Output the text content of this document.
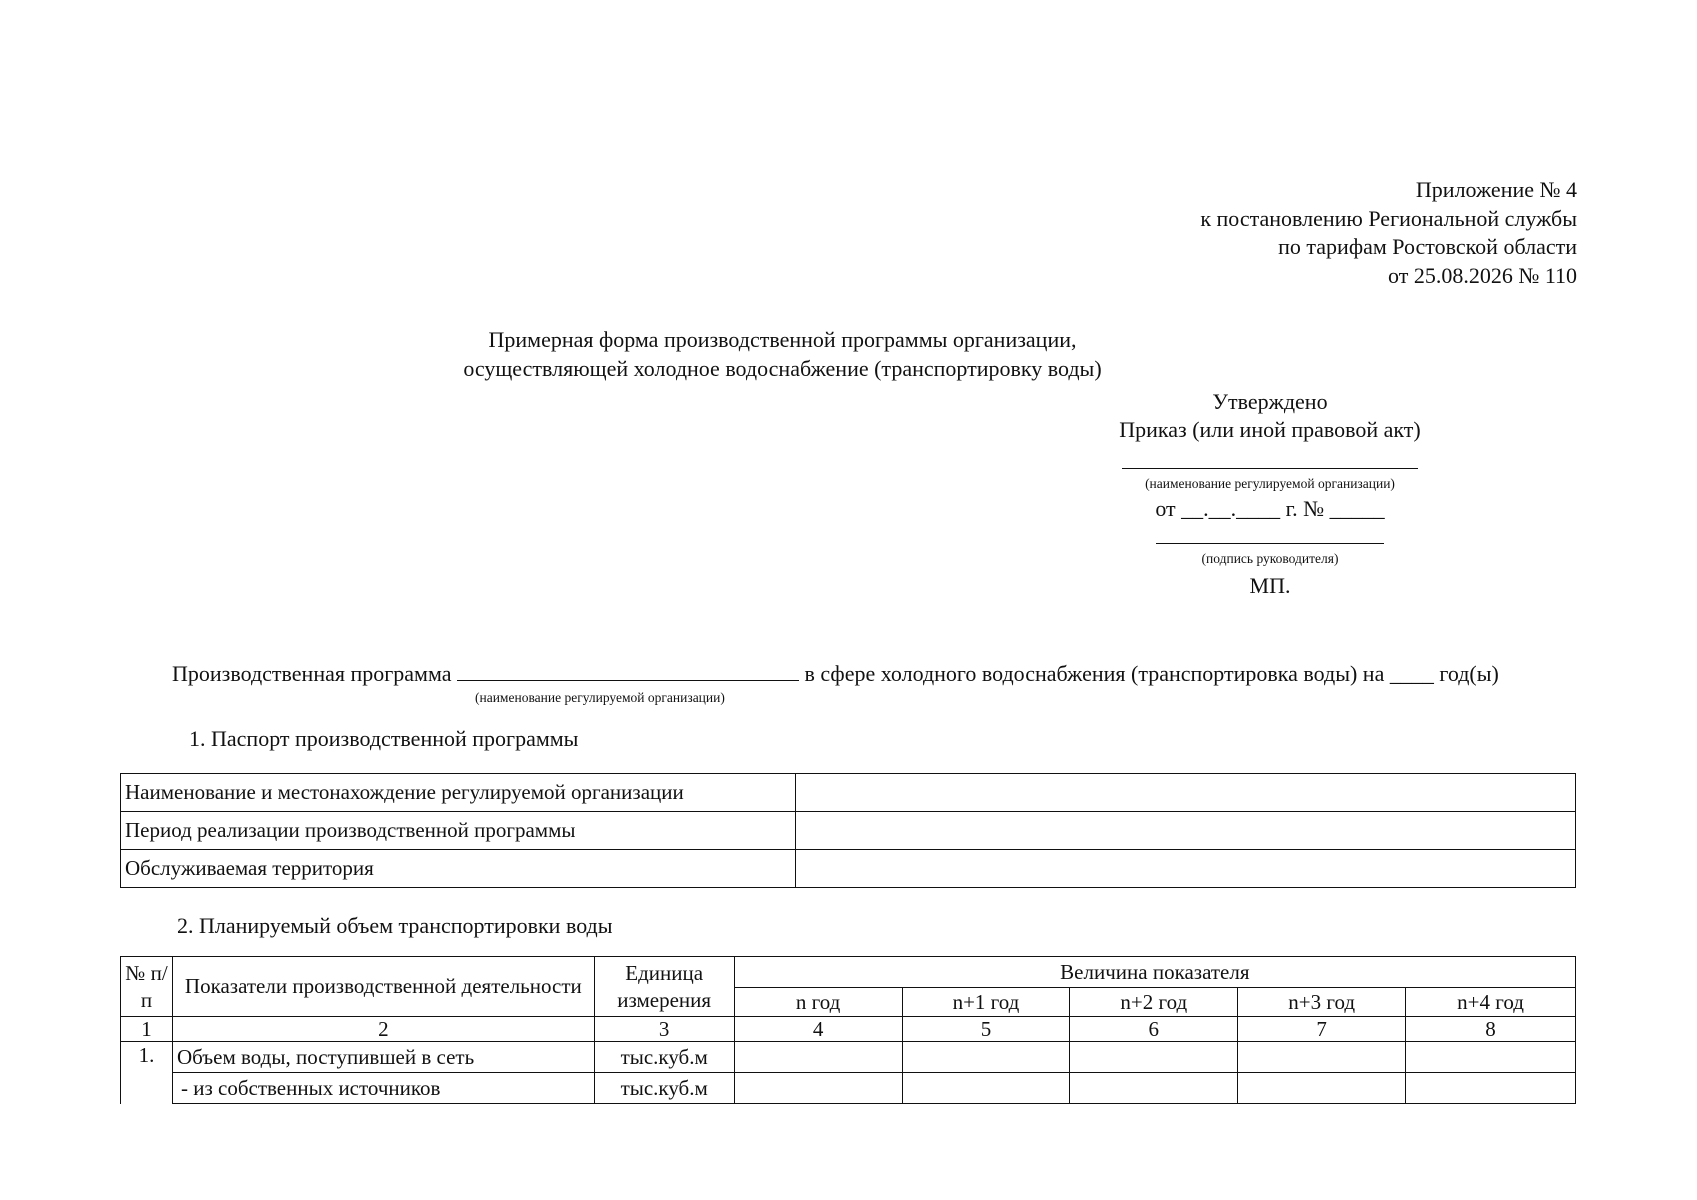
Приложение № 4
к постановлению Региональной службы
по тарифам Ростовской области
от 25.08.2026 № 110
Примерная форма производственной программы организации,
осуществляющей холодное водоснабжение (транспортировку воды)
Утверждено
Приказ (или иной правовой акт)
(наименование регулируемой организации)
от __.__.____ г. № _____
(подпись руководителя)
МП.
Производственная программа	в сфере холодного водоснабжения (транспортировка воды) на ____ год(ы)
(наименование регулируемой организации)
1. Паспорт производственной программы
Наименование и местонахождение регулируемой организации	
Период реализации производственной программы	
Обслуживаемая территория	
2. Планируемый объем транспортировки воды
№ п/п	Показатели производственной деятельности	Единица измерения	Величина показателя				
			n год	n+1 год	n+2 год	n+3 год	n+4 год
1	2	3	4	5	6	7	8
1.	Объем воды, поступившей в сеть	тыс.куб.м					
	- из собственных источников	тыс.куб.м					
